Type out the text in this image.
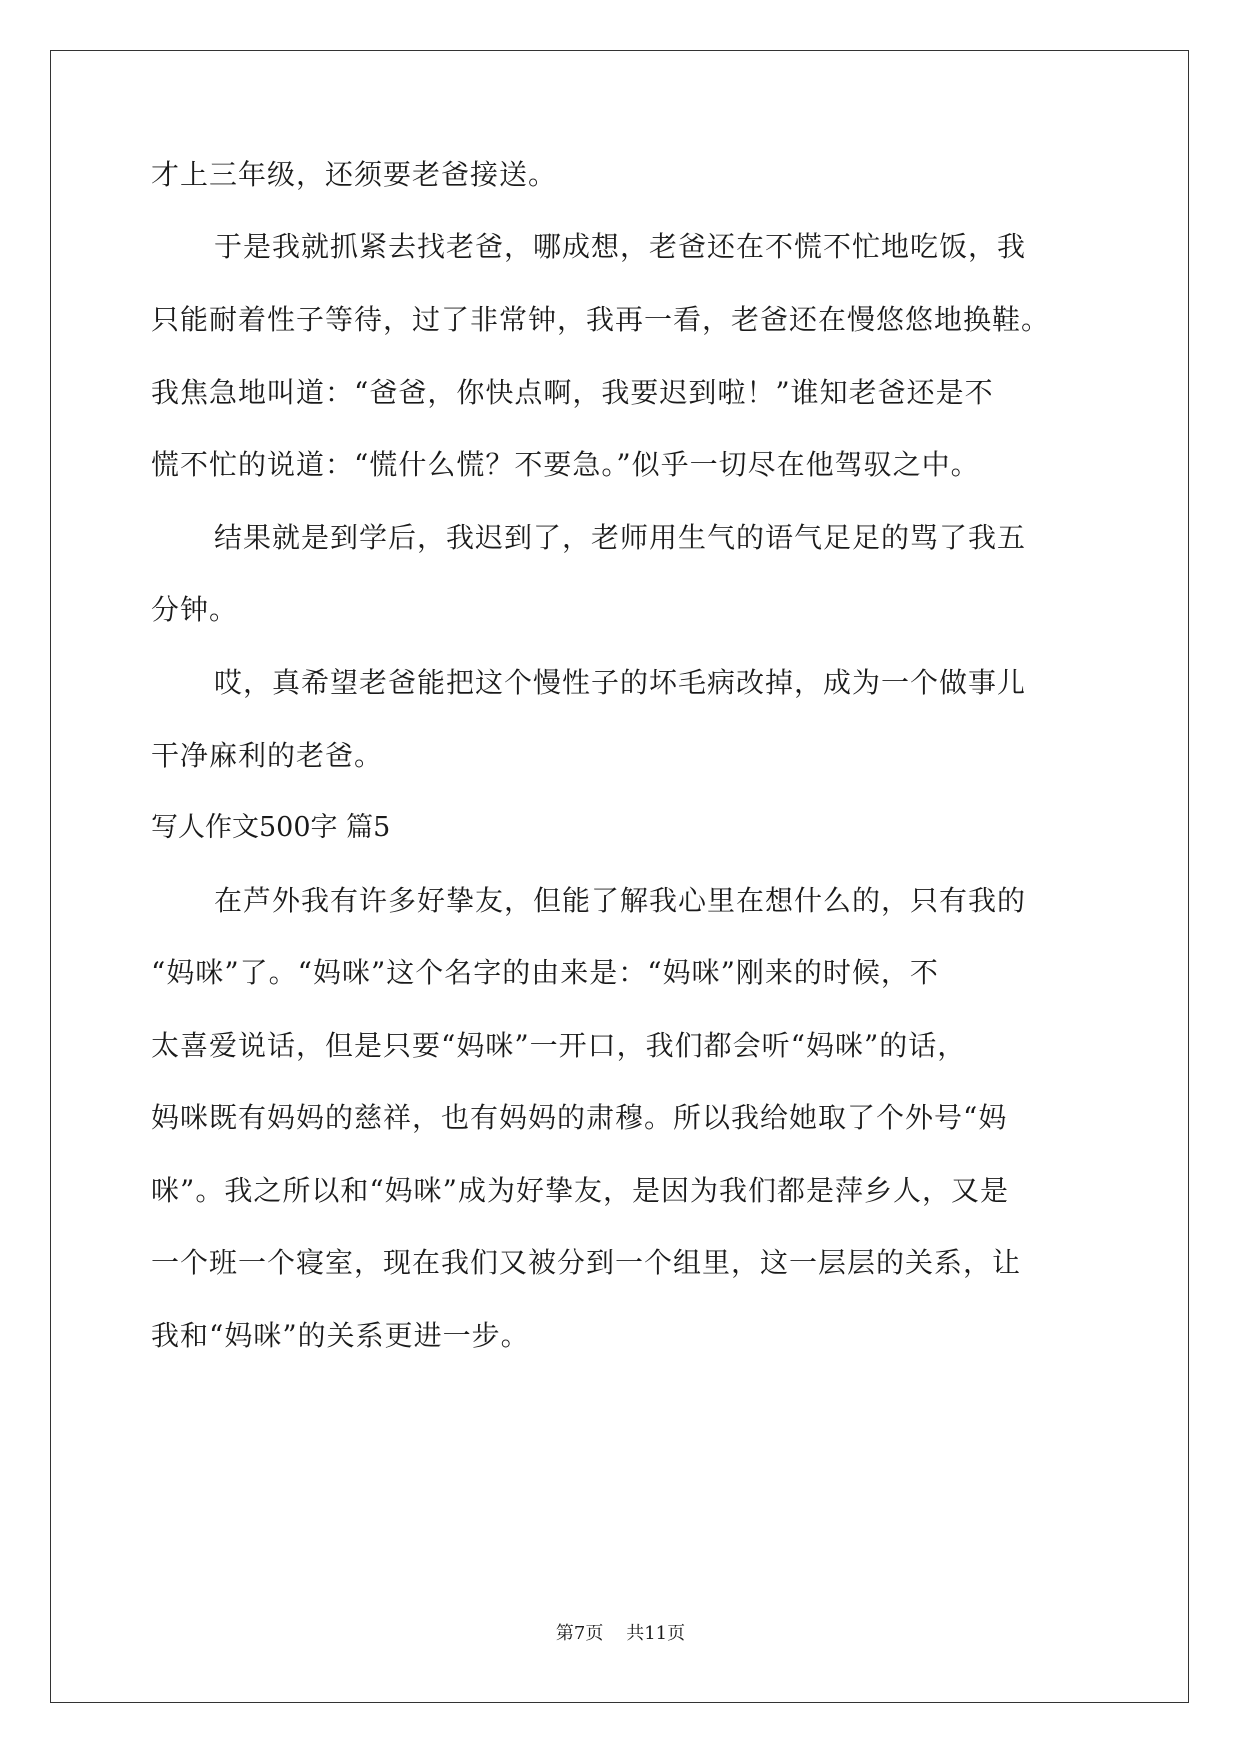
才上三年级，还须要老爸接送。
于是我就抓紧去找老爸，哪成想，老爸还在不慌不忙地吃饭，我
只能耐着性子等待，过了非常钟，我再一看，老爸还在慢悠悠地换鞋。
我焦急地叫道：“爸爸，你快点啊，我要迟到啦！”谁知老爸还是不
慌不忙的说道：“慌什么慌？不要急。”似乎一切尽在他驾驭之中。
结果就是到学后，我迟到了，老师用生气的语气足足的骂了我五
分钟。
哎，真希望老爸能把这个慢性子的坏毛病改掉，成为一个做事儿
干净麻利的老爸。
写人作文500字 篇5
在芦外我有许多好挚友，但能了解我心里在想什么的，只有我的
“妈咪”了。“妈咪”这个名字的由来是：“妈咪”刚来的时候，不
太喜爱说话，但是只要“妈咪”一开口，我们都会听“妈咪”的话，
妈咪既有妈妈的慈祥，也有妈妈的肃穆。所以我给她取了个外号“妈
咪”。我之所以和“妈咪”成为好挚友，是因为我们都是萍乡人，又是
一个班一个寝室，现在我们又被分到一个组里，这一层层的关系，让
我和“妈咪”的关系更进一步。
第7页    共11页
